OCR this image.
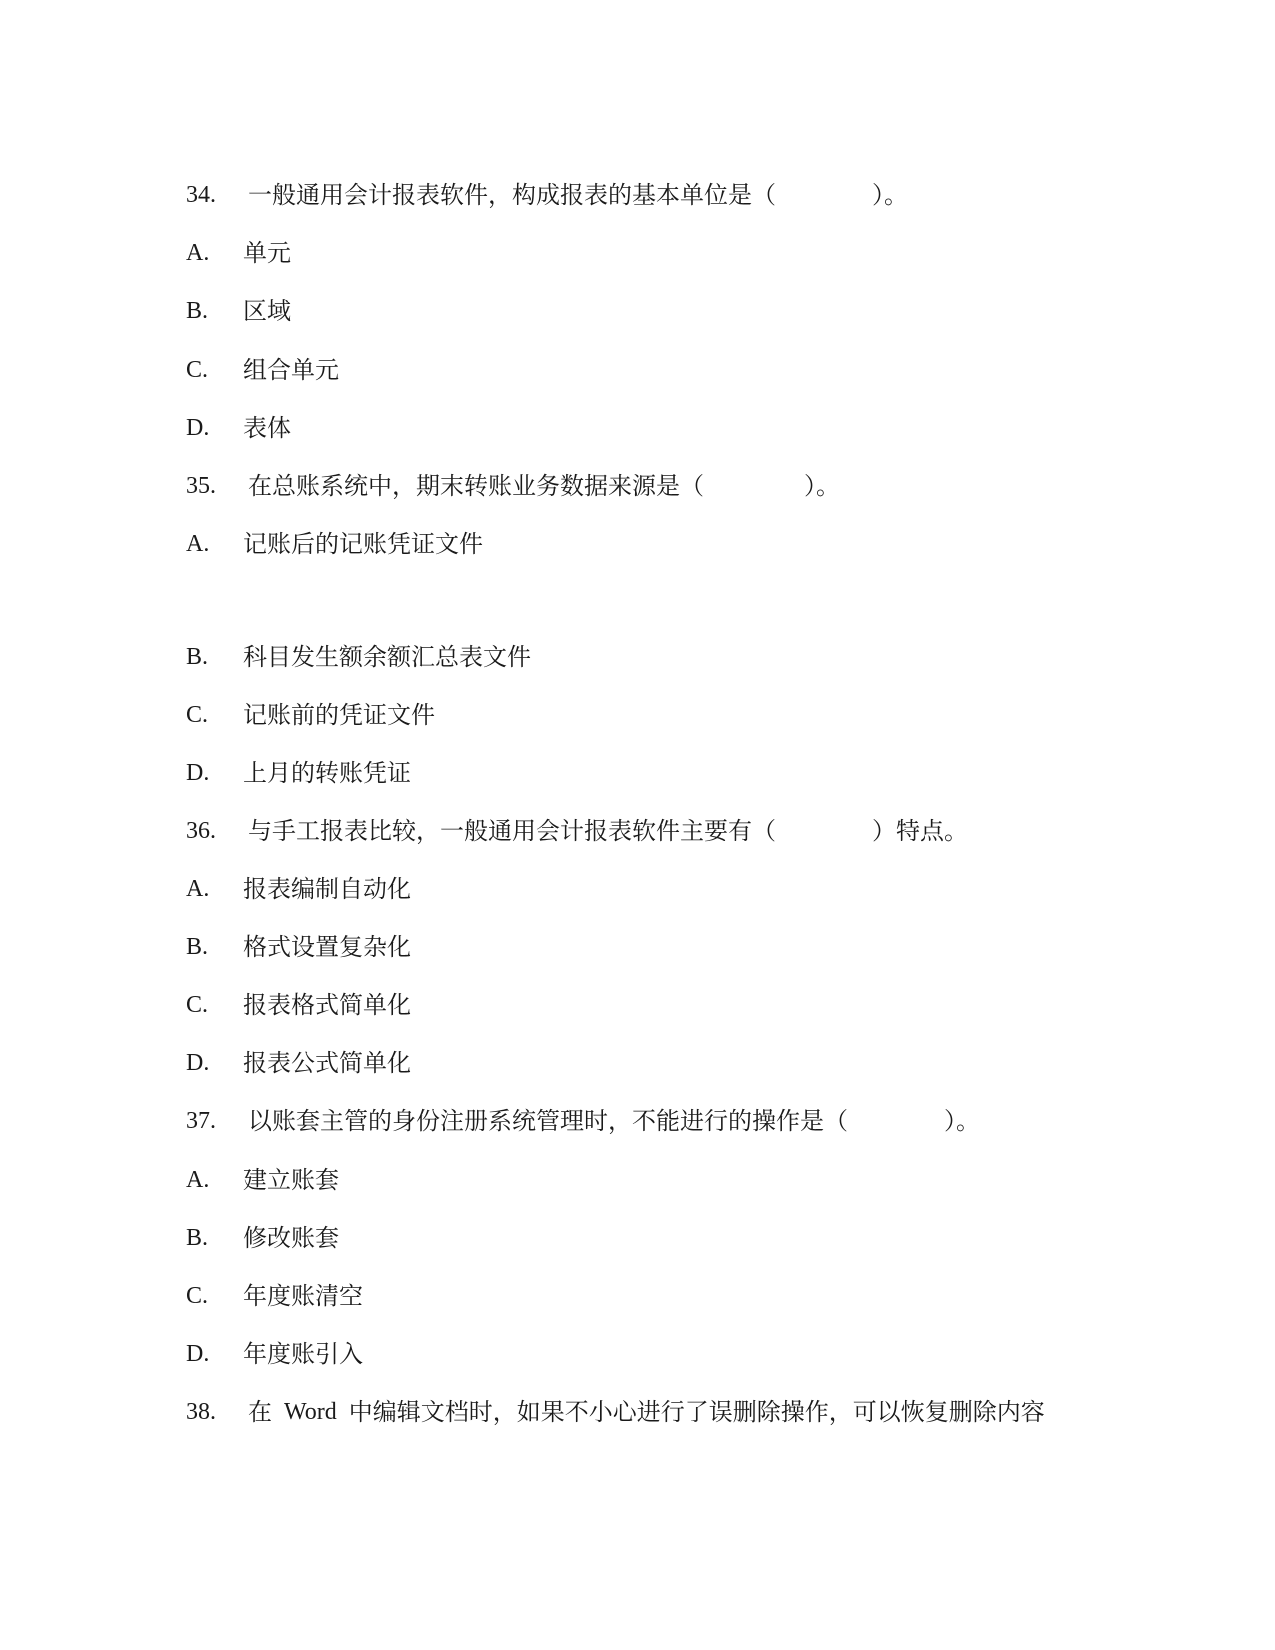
34.	一般通用会计报表软件，构成报表的基本单位是（	）。
A.	单元
B.	区域
C.	组合单元
D.	表体
35.	在总账系统中，期末转账业务数据来源是（	）。
A.	记账后的记账凭证文件
B.	科目发生额余额汇总表文件
C.	记账前的凭证文件
D.	上月的转账凭证
36.	与手工报表比较，一般通用会计报表软件主要有（	）特点。
A.	报表编制自动化
B.	格式设置复杂化
C.	报表格式简单化
D.	报表公式简单化
37.	以账套主管的身份注册系统管理时，不能进行的操作是（	）。
A.	建立账套
B.	修改账套
C.	年度账清空
D.	年度账引入
38.	在 Word 中编辑文档时，如果不小心进行了误删除操作，可以恢复删除内容
